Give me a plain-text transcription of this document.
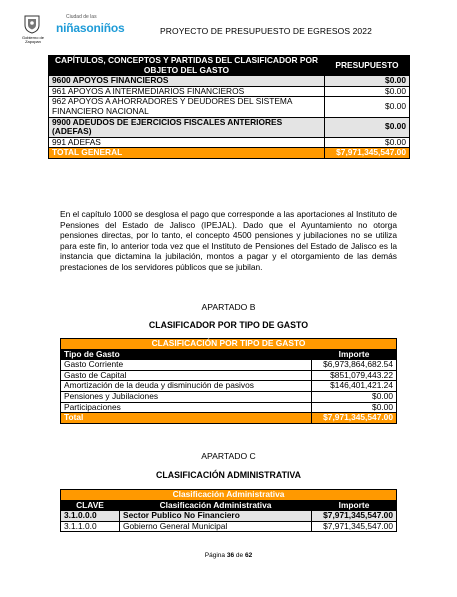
Gobierno de Zapopan
Ciudad de las
niñasoniños	PROYECTO DE PRESUPUESTO DE EGRESOS 2022
CAPÍTULOS, CONCEPTOS Y PARTIDAS DEL CLASIFICADOR POR OBJETO DEL GASTO	PRESUPUESTO
9600 APOYOS FINANCIEROS	$0.00
961 APOYOS A INTERMEDIARIOS FINANCIEROS	$0.00
962 APOYOS A AHORRADORES Y DEUDORES DEL SISTEMA FINANCIERO NACIONAL	$0.00
9900 ADEUDOS DE EJERCICIOS FISCALES ANTERIORES (ADEFAS)	$0.00
991 ADEFAS	$0.00
TOTAL GENERAL	$7,971,345,547.00
En el capítulo 1000 se desglosa el pago que corresponde a las aportaciones al Instituto de Pensiones del Estado de Jalisco (IPEJAL). Dado que el Ayuntamiento no otorga pensiones directas, por lo tanto, el concepto 4500 pensiones y jubilaciones no se utiliza para este fin, lo anterior toda vez que el Instituto de Pensiones del Estado de Jalisco es la instancia que dictamina la jubilación, montos a pagar y el otorgamiento de las demás prestaciones de los servidores públicos que se jubilan.
APARTADO B
CLASIFICADOR POR TIPO DE GASTO
CLASIFICACIÓN POR TIPO DE GASTO	
Tipo de Gasto	Importe
Gasto Corriente	$6,973,864,682.54
Gasto de Capital	$851,079,443.22
Amortización de la deuda y disminución de pasivos	$146,401,421.24
Pensiones y Jubilaciones	$0.00
Participaciones	$0.00
Total	$7,971,345,547.00
APARTADO C
CLASIFICACIÓN ADMINISTRATIVA
Clasificación Administrativa		
CLAVE	Clasificación Administrativa	Importe
3.1.0.0.0	Sector Publico No Financiero	$7,971,345,547.00
3.1.1.0.0	Gobierno General Municipal	$7,971,345,547.00
Página 36 de 62
